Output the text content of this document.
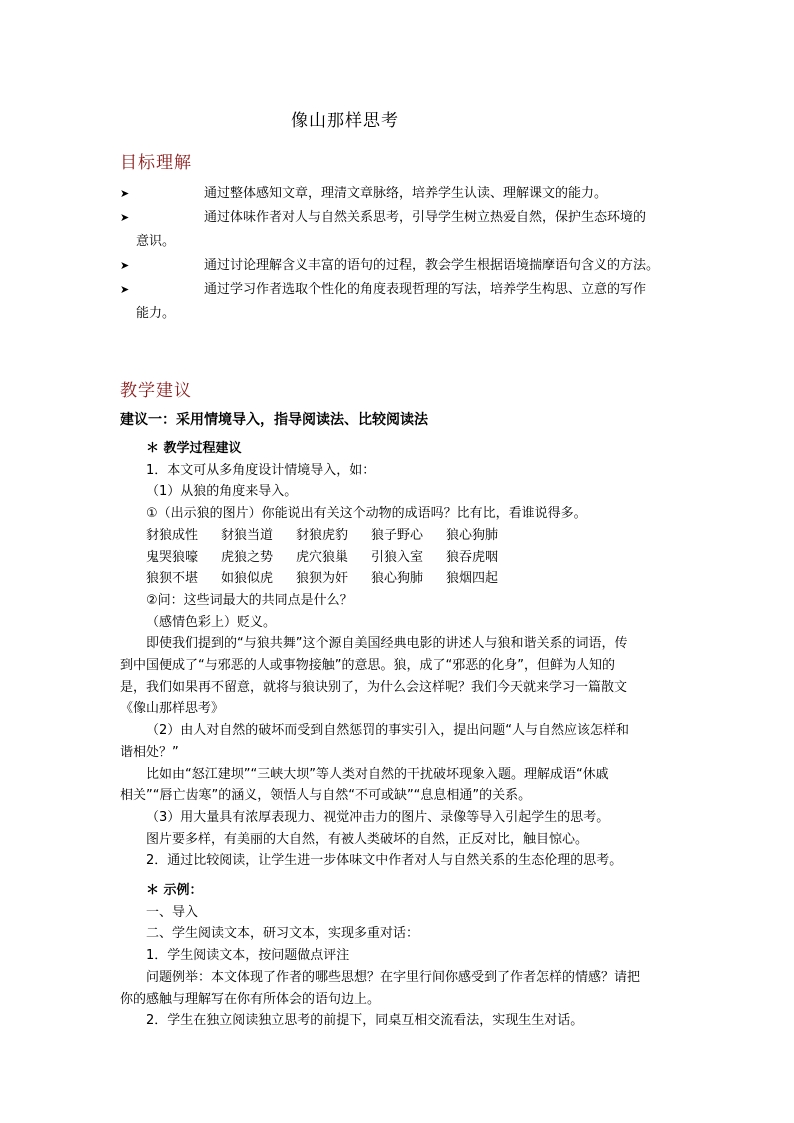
像山那样思考
目标理解
➤	通过整体感知文章，理清文章脉络，培养学生认读、理解课文的能力。
➤	通过体味作者对人与自然关系思考，引导学生树立热爱自然，保护生态环境的
意识。
➤	通过讨论理解含义丰富的语句的过程，教会学生根据语境揣摩语句含义的方法。
➤	通过学习作者选取个性化的角度表现哲理的写法，培养学生构思、立意的写作
能力。
教学建议
建议一：采用情境导入，指导阅读法、比较阅读法
＊ 教学过程建议
1．本文可从多角度设计情境导入，如：
（1）从狼的角度来导入。
①（出示狼的图片）你能说出有关这个动物的成语吗？比有比，看谁说得多。
豺狼成性	豺狼当道	豺狼虎豹	狼子野心	狼心狗肺
鬼哭狼嚎	虎狼之势	虎穴狼巢	引狼入室	狼吞虎咽
狼狈不堪	如狼似虎	狼狈为奸	狼心狗肺	狼烟四起
②问：这些词最大的共同点是什么？
（感情色彩上）贬义。
即使我们提到的“与狼共舞”这个源自美国经典电影的讲述人与狼和谐关系的词语，传
到中国便成了“与邪恶的人或事物接触”的意思。狼，成了“邪恶的化身”，但鲜为人知的
是，我们如果再不留意，就将与狼诀别了，为什么会这样呢？我们今天就来学习一篇散文
《像山那样思考》
（2）由人对自然的破坏而受到自然惩罚的事实引入，提出问题“人与自然应该怎样和
谐相处？”
比如由“怒江建坝”“三峡大坝”等人类对自然的干扰破坏现象入题。理解成语“休戚
相关”“唇亡齿寒”的涵义，领悟人与自然“不可或缺”“息息相通”的关系。
（3）用大量具有浓厚表现力、视觉冲击力的图片、录像等导入引起学生的思考。
图片要多样，有美丽的大自然，有被人类破坏的自然，正反对比，触目惊心。
2．通过比较阅读，让学生进一步体味文中作者对人与自然关系的生态伦理的思考。
＊ 示例：
一、导入
二、学生阅读文本，研习文本，实现多重对话：
1．学生阅读文本，按问题做点评注
问题例举：本文体现了作者的哪些思想？在字里行间你感受到了作者怎样的情感？请把
你的感触与理解写在你有所体会的语句边上。
2．学生在独立阅读独立思考的前提下，同桌互相交流看法，实现生生对话。
